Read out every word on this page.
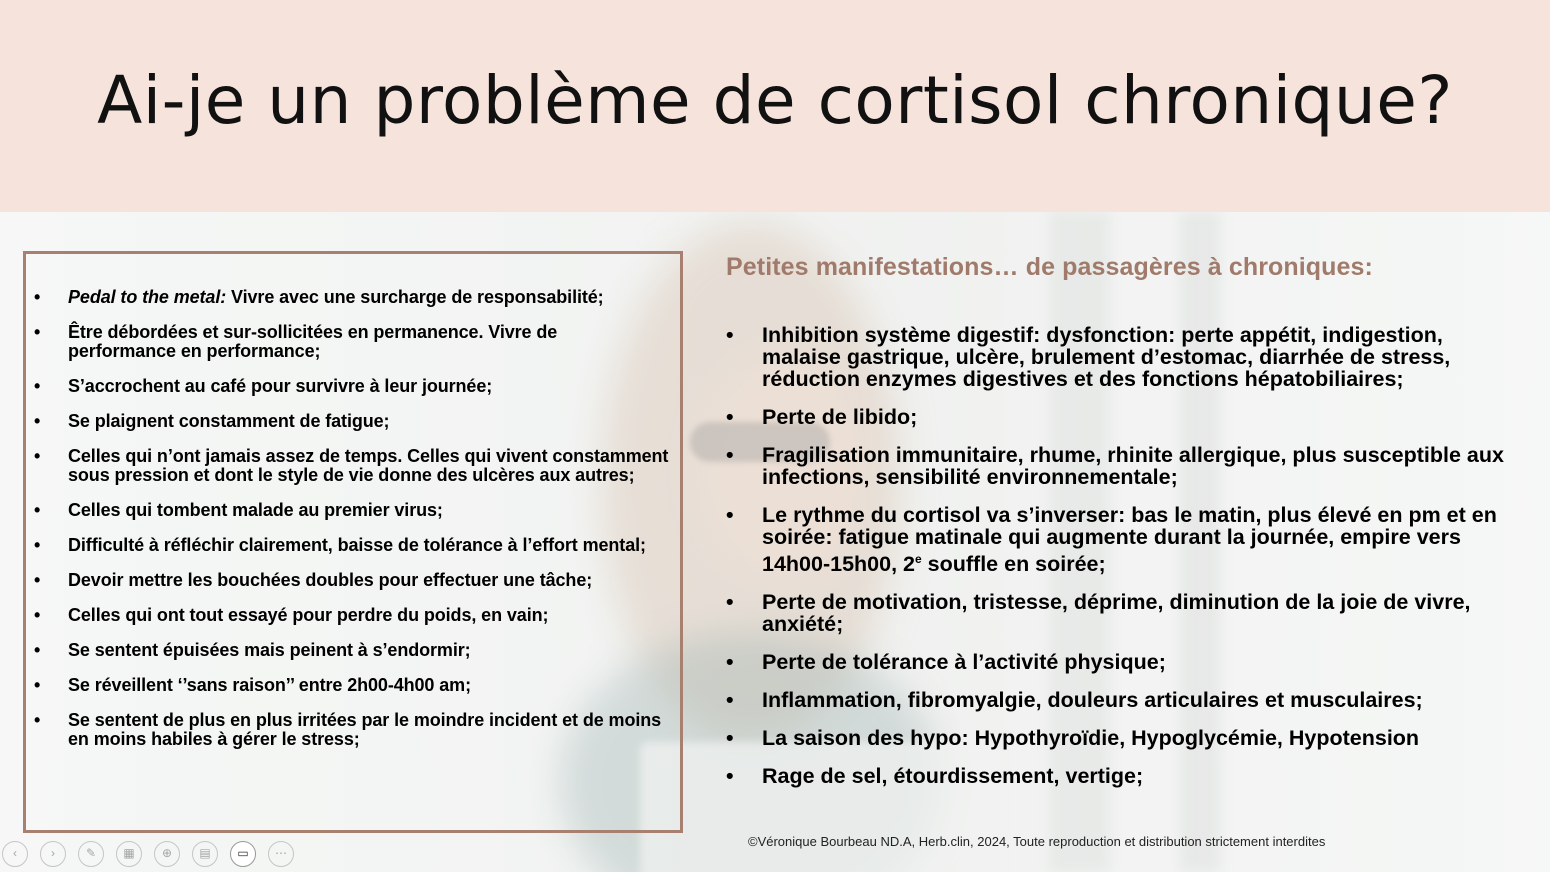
Ai-je un problème de cortisol chronique?
• Pedal to the metal: Vivre avec une surcharge de responsabilité;
• Être débordées et sur-sollicitées en permanence. Vivre de performance en performance;
• S’accrochent au café pour survivre à leur journée;
• Se plaignent constamment de fatigue;
• Celles qui n’ont jamais assez de temps. Celles qui vivent constamment sous pression et dont le style de vie donne des ulcères aux autres;
• Celles qui tombent malade au premier virus;
• Difficulté à réfléchir clairement, baisse de tolérance à l’effort mental;
• Devoir mettre les bouchées doubles pour effectuer une tâche;
• Celles qui ont tout essayé pour perdre du poids, en vain;
• Se sentent épuisées mais peinent à s’endormir;
• Se réveillent ‘’sans raison’’ entre 2h00-4h00 am;
• Se sentent de plus en plus irritées par le moindre incident et de moins en moins habiles à gérer le stress;
Petites manifestations… de passagères à chroniques:
• Inhibition système digestif: dysfonction: perte appétit, indigestion, malaise gastrique, ulcère, brulement d’estomac, diarrhée de stress, réduction enzymes digestives et des fonctions hépatobiliaires;
• Perte de libido;
• Fragilisation immunitaire, rhume, rhinite allergique, plus susceptible aux infections, sensibilité environnementale;
• Le rythme du cortisol va s’inverser: bas le matin, plus élevé en pm et en soirée: fatigue matinale qui augmente durant la journée, empire vers 14h00-15h00, 2e souffle en soirée;
• Perte de motivation, tristesse, déprime, diminution de la joie de vivre, anxiété;
• Perte de tolérance à l’activité physique;
• Inflammation, fibromyalgie, douleurs articulaires et musculaires;
• La saison des hypo: Hypothyroïdie, Hypoglycémie, Hypotension
• Rage de sel, étourdissement, vertige;
©Véronique Bourbeau ND.A, Herb.clin, 2024, Toute reproduction et distribution strictement interdites
‹	›	✎	▦	⊕	▤	▭	⋯
